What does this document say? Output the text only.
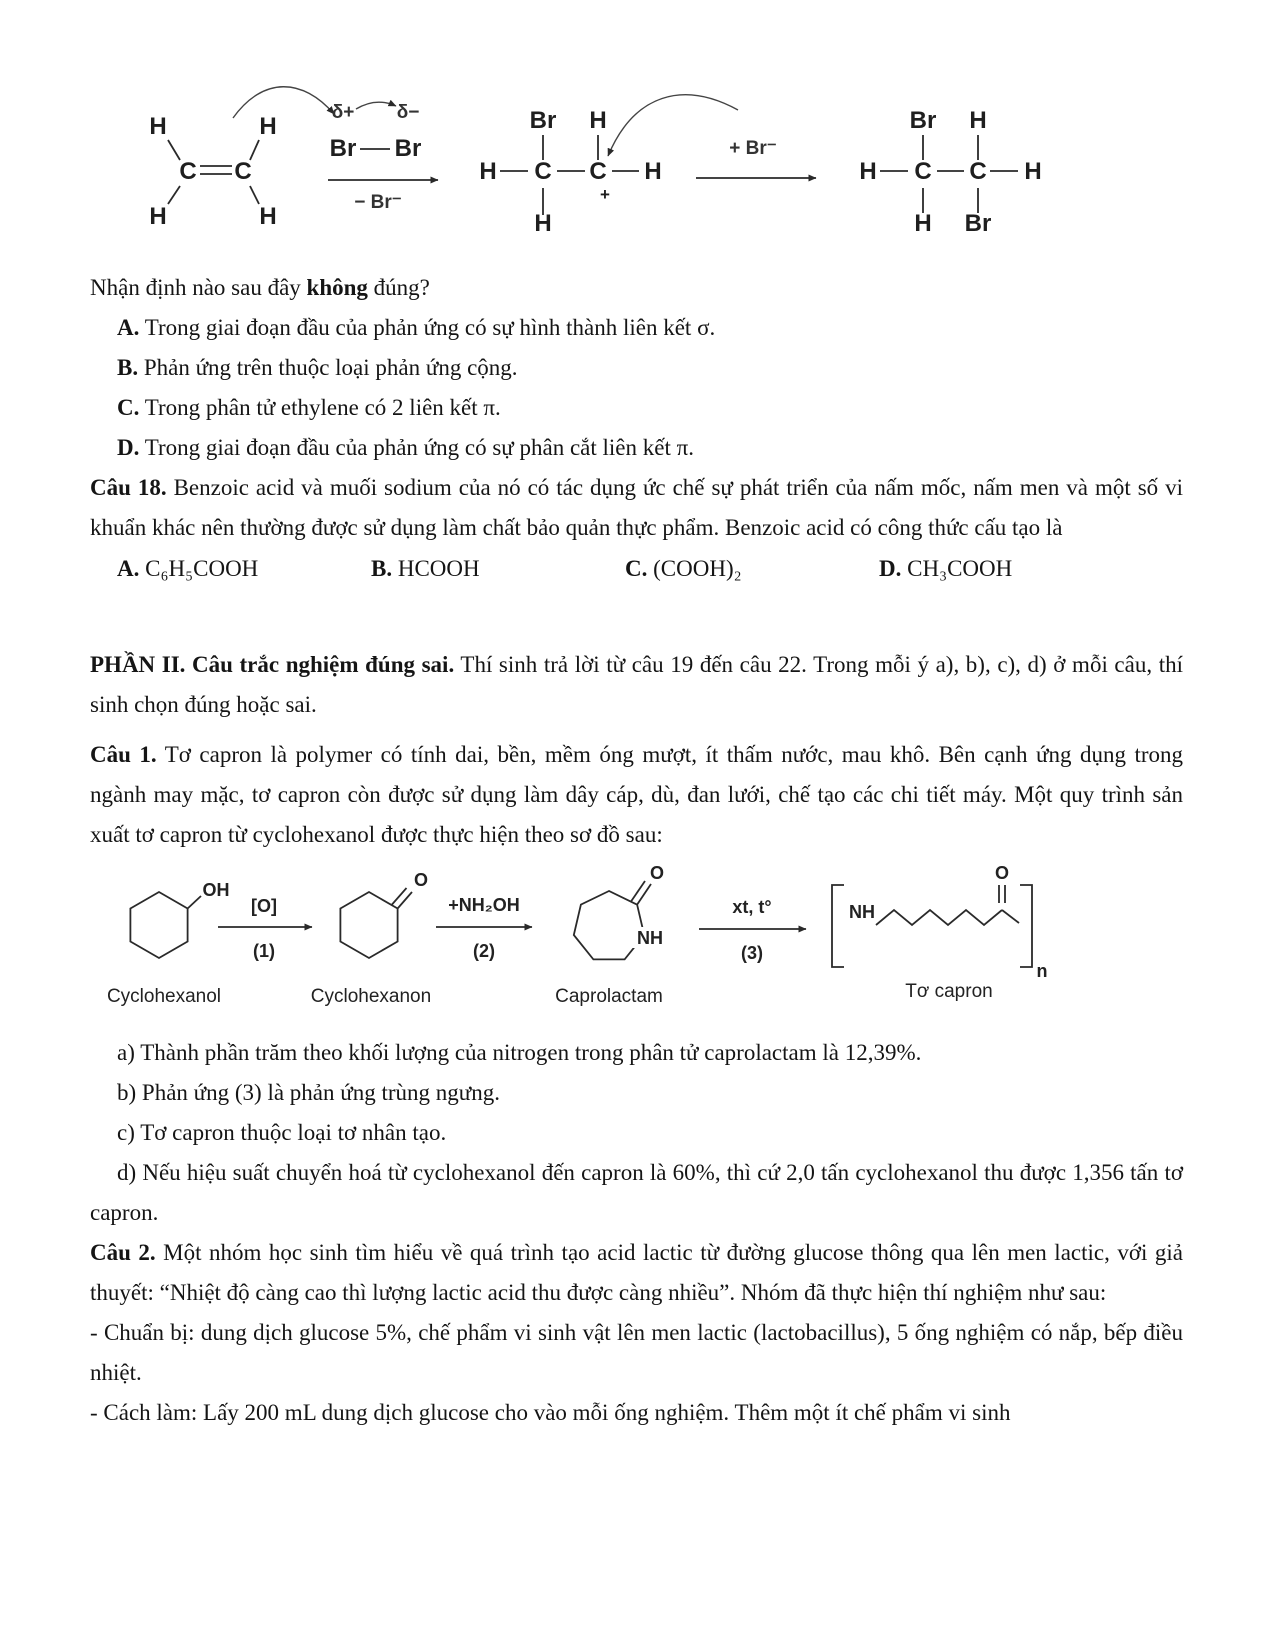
H
H
H
H
C C
δ+ δ−
Br Br
− Br⁻
Br H
H C C H
+
H
+ Br⁻
Br H
H C C H
H Br

Nhận định nào sau đây không đúng?

A. Trong giai đoạn đầu của phản ứng có sự hình thành liên kết σ.

B. Phản ứng trên thuộc loại phản ứng cộng.

C. Trong phân tử ethylene có 2 liên kết π.

D. Trong giai đoạn đầu của phản ứng có sự phân cắt liên kết π.

Câu 18. Benzoic acid và muối sodium của nó có tác dụng ức chế sự phát triển của nấm mốc, nấm men và một số vi khuẩn khác nên thường được sử dụng làm chất bảo quản thực phẩm. Benzoic acid có công thức cấu tạo là

A. C₆H₅COOH	B. HCOOH	C. (COOH)₂	D. CH₃COOH

PHẦN II. Câu trắc nghiệm đúng sai. Thí sinh trả lời từ câu 19 đến câu 22. Trong mỗi ý a), b), c), d) ở mỗi câu, thí sinh chọn đúng hoặc sai.

Câu 1. Tơ capron là polymer có tính dai, bền, mềm óng mượt, ít thấm nước, mau khô. Bên cạnh ứng dụng trong ngành may mặc, tơ capron còn được sử dụng làm dây cáp, dù, đan lưới, chế tạo các chi tiết máy. Một quy trình sản xuất tơ capron từ cyclohexanol được thực hiện theo sơ đồ sau:

OH
Cyclohexanol
[O]
(1)
O
Cyclohexanon
+NH₂OH
(2)
O
NH
Caprolactam
xt, t°
(3)
NH
O
n
Tơ capron

a) Thành phần trăm theo khối lượng của nitrogen trong phân tử caprolactam là 12,39%.

b) Phản ứng (3) là phản ứng trùng ngưng.

c) Tơ capron thuộc loại tơ nhân tạo.

d) Nếu hiệu suất chuyển hoá từ cyclohexanol đến capron là 60%, thì cứ 2,0 tấn cyclohexanol thu được 1,356 tấn tơ capron.

Câu 2. Một nhóm học sinh tìm hiểu về quá trình tạo acid lactic từ đường glucose thông qua lên men lactic, với giả thuyết: “Nhiệt độ càng cao thì lượng lactic acid thu được càng nhiều”. Nhóm đã thực hiện thí nghiệm như sau:

- Chuẩn bị: dung dịch glucose 5%, chế phẩm vi sinh vật lên men lactic (lactobacillus), 5 ống nghiệm có nắp, bếp điều nhiệt.

- Cách làm: Lấy 200 mL dung dịch glucose cho vào mỗi ống nghiệm. Thêm một ít chế phẩm vi sinh
